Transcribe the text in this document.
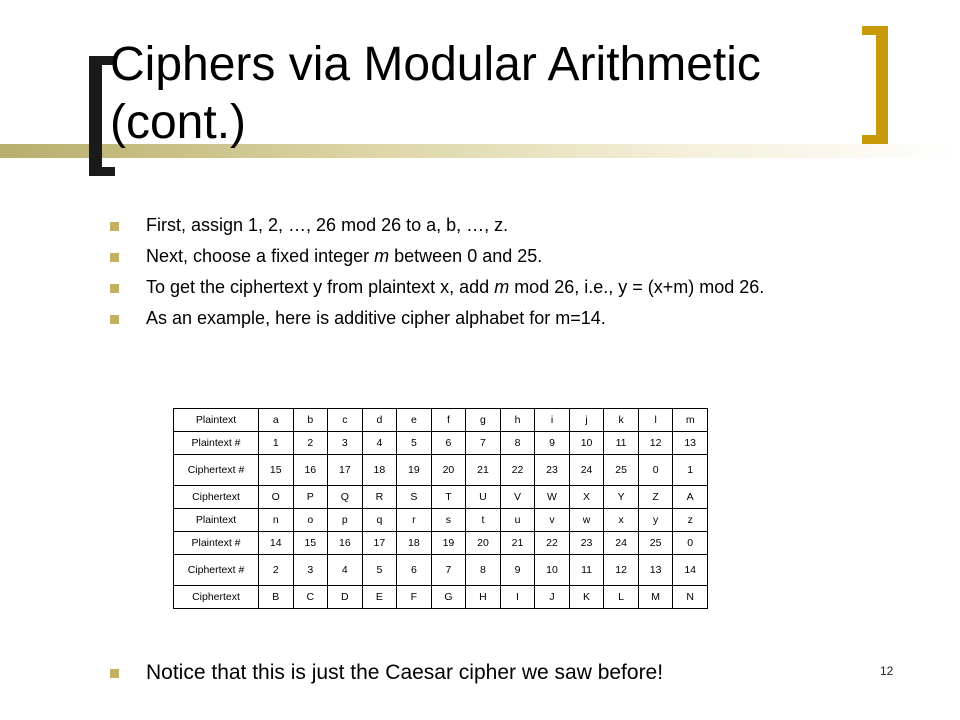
Ciphers via Modular Arithmetic
(cont.)
First, assign 1, 2, …, 26 mod 26 to a, b, …, z.
Next, choose a fixed integer m between 0 and 25.
To get the ciphertext y from plaintext x, add m mod 26, i.e., y = (x+m) mod 26.
As an example, here is additive cipher alphabet for m=14.
Plaintext	a	b	c	d	e	f	g	h	i	j	k	l	m
Plaintext #	1	2	3	4	5	6	7	8	9	10	11	12	13
Ciphertext #	15	16	17	18	19	20	21	22	23	24	25	0	1
Ciphertext	O	P	Q	R	S	T	U	V	W	X	Y	Z	A
Plaintext	n	o	p	q	r	s	t	u	v	w	x	y	z
Plaintext #	14	15	16	17	18	19	20	21	22	23	24	25	0
Ciphertext #	2	3	4	5	6	7	8	9	10	11	12	13	14
Ciphertext	B	C	D	E	F	G	H	I	J	K	L	M	N
Notice that this is just the Caesar cipher we saw before!	12
